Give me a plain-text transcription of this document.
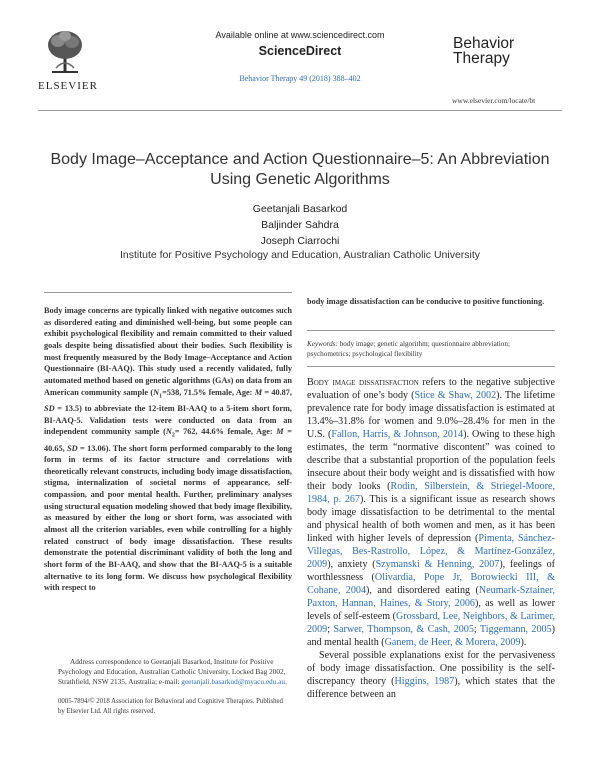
ELSEVIER
Available online at www.sciencedirect.com
ScienceDirect
Behavior Therapy 49 (2018) 388–402
Behavior
Therapy
www.elsevier.com/locate/bt
Body Image–Acceptance and Action Questionnaire–5: An Abbreviation Using Genetic Algorithms
Geetanjali Basarkod
Baljinder Sahdra
Joseph Ciarrochi
Institute for Positive Psychology and Education, Australian Catholic University
Body image concerns are typically linked with negative outcomes such as disordered eating and diminished well-being, but some people can exhibit psychological flexibility and remain committed to their valued goals despite being dissatisfied about their bodies. Such flexibility is most frequently measured by the Body Image–Acceptance and Action Questionnaire (BI-AAQ). This study used a recently validated, fully automated method based on genetic algorithms (GAs) on data from an American community sample ($N_1=538$, 71.5% female, Age: M = 40.87, SD = 13.5) to abbreviate the 12-item BI-AAQ to a 5-item short form, BI-AAQ-5. Validation tests were conducted on data from an independent community sample ($N_2= 762$, 44.6% female, Age: M = 40.65, SD = 13.06). The short form performed comparably to the long form in terms of its factor structure and correlations with theoretically relevant constructs, including body image dissatisfaction, stigma, internalization of societal norms of appearance, self-compassion, and poor mental health. Further, preliminary analyses using structural equation modeling showed that body image flexibility, as measured by either the long or short form, was associated with almost all the criterion variables, even while controlling for a highly related construct of body image dissatisfaction. These results demonstrate the potential discriminant validity of both the long and short form of the BI-AAQ, and show that the BI-AAQ-5 is a suitable alternative to its long form. We discuss how psychological flexibility with respect to
Address correspondence to Geetanjali Basarkod, Institute for Positive Psychology and Education, Australian Catholic University, Locked Bag 2002, Strathfield, NSW 2135, Australia; e-mail: geetanjali.basarkod@myacu.edu.au.
0005-7894/© 2018 Association for Behavioral and Cognitive Therapies. Published by Elsevier Ltd. All rights reserved.
body image dissatisfaction can be conducive to positive functioning.
Keywords: body image; genetic algorithm; questionnaire abbreviation; psychometrics; psychological flexibility

Body image dissatisfaction refers to the negative subjective evaluation of one’s body (Stice & Shaw, 2002). The lifetime prevalence rate for body image dissatisfaction is estimated at 13.4%–31.8% for women and 9.0%–28.4% for men in the U.S. (Fallon, Harris, & Johnson, 2014). Owing to these high estimates, the term “normative discontent” was coined to describe that a substantial proportion of the population feels insecure about their body weight and is dissatisfied with how their body looks (Rodin, Silberstein, & Striegel-Moore, 1984, p. 267). This is a significant issue as research shows body image dissatisfaction to be detrimental to the mental and physical health of both women and men, as it has been linked with higher levels of depression (Pimenta, Sánchez-Villegas, Bes-Rastrollo, López, & Martínez-González, 2009), anxiety (Szymanski & Henning, 2007), feelings of worthlessness (Olivardia, Pope Jr, Borowiecki III, & Cohane, 2004), and disordered eating (Neumark-Sztainer, Paxton, Hannan, Haines, & Story, 2006), as well as lower levels of self-esteem (Grossbard, Lee, Neighbors, & Larimer, 2009; Sarwer, Thompson, & Cash, 2005; Tiggemann, 2005) and mental health (Ganem, de Heer, & Morera, 2009).

Several possible explanations exist for the pervasiveness of body image dissatisfaction. One possibility is the self-discrepancy theory (Higgins, 1987), which states that the difference between an
